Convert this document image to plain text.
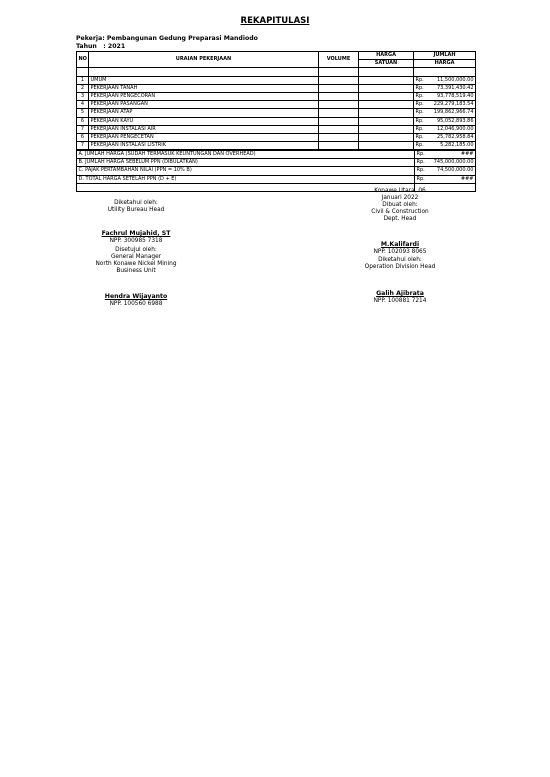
REKAPITULASI
Pekerja: Pembangunan Gedung Preparasi Mandiodo
Tahun : 2021
NO	URAIAN PEKERJAAN	VOLUME	HARGA		JUMLAH	
			SATUAN		HARGA	

1	UMUM				Rp.	11,500,000.00
2	PEKERJAAN TANAH				Rp.	73,391,430.42
3	PEKERJAAN PENGECORAN				Rp.	93,778,519.40
4	PEKERJAAN PASANGAN				Rp.	229,279,183.54
5	PEKERJAAN ATAP				Rp.	199,862,966.74
6	PEKERJAAN KAYU				Rp.	95,052,893.86
7	PEKERJAAN INSTALASI AIR				Rp.	12,046,900.00
6	PEKERJAAN PENGECETAN				Rp.	25,782,958.84
7	PEKERJAAN INSTALASI LISTRIK				Rp.	5,282,185.00
A. JUMLAH HARGA (SUDAH TERMASUK KEUNTUNGAN DAN OVERHEAD)	Rp.	###
B. JUMLAH HARGA SEBELUM PPN (DIBULATKAN)	Rp.	745,000,000.00
C. PAJAK PERTAMBAHAN NILAI (PPN = 10% B)	Rp.	74,500,000.00
D. TOTAL HARGA SETELAH PPN (D + E)	Rp.	###

Konawe Utara, 06
Januari 2022
Dibuat oleh:
Civil & Construction
Dept. Head
Diketahui oleh:
Utility Bureau Head
Fachrul Mujahid, ST
NPP. 300985 7318	M.Kalifardi
NPP. 102093 8065
Disetujui oleh:
General Manager
North Konawe Nickel Mining
Business Unit
Diketahui oleh:
Operation Division Head
Galih Ajibrata
NPP. 100881 7214
Hendra Wijayanto
NPP. 100560 6988
